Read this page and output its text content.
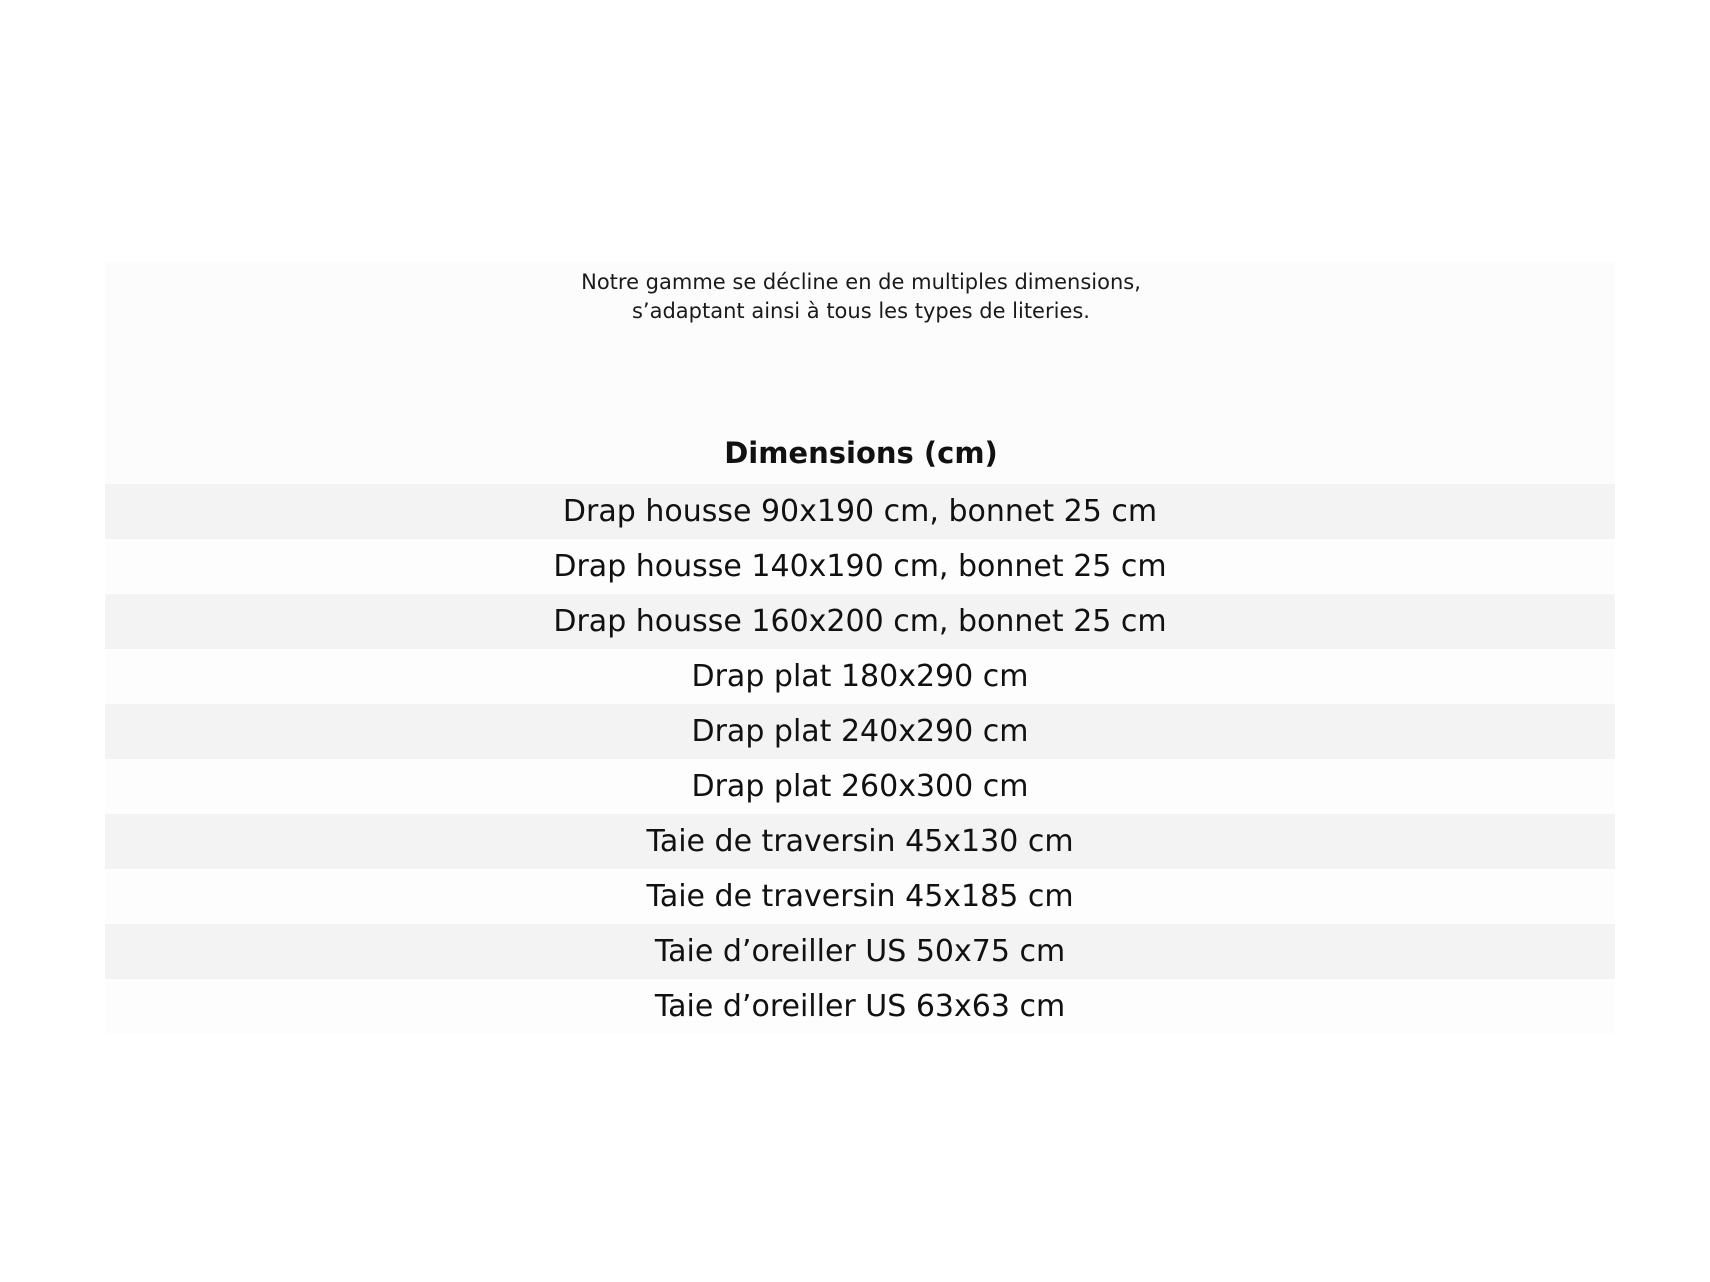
Notre gamme se décline en de multiples dimensions,
s’adaptant ainsi à tous les types de literies.
Dimensions (cm)
Drap housse 90x190 cm, bonnet 25 cm
Drap housse 140x190 cm, bonnet 25 cm
Drap housse 160x200 cm, bonnet 25 cm
Drap plat 180x290 cm
Drap plat 240x290 cm
Drap plat 260x300 cm
Taie de traversin 45x130 cm
Taie de traversin 45x185 cm
Taie d’oreiller US 50x75 cm
Taie d’oreiller US 63x63 cm
